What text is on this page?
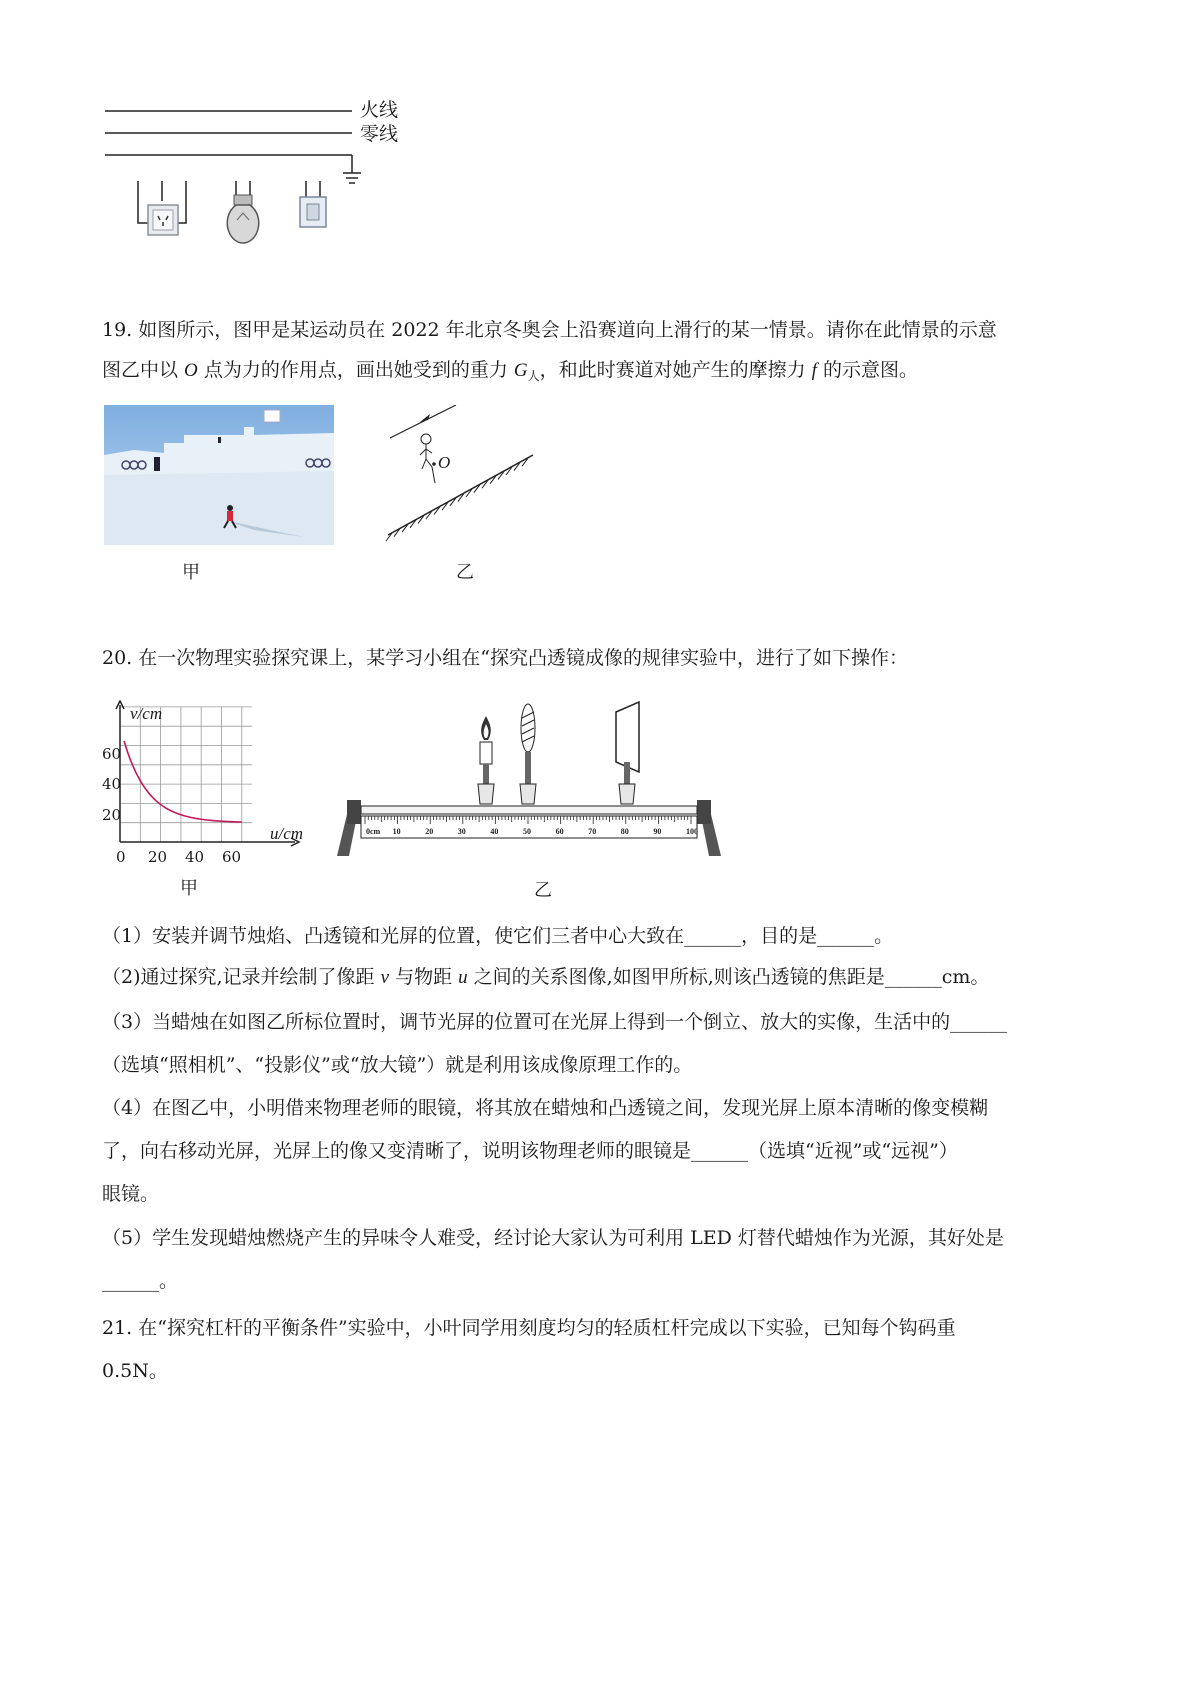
火线
零线
19. 如图所示，图甲是某运动员在 2022 年北京冬奥会上沿赛道向上滑行的某一情景。请你在此情景的示意
图乙中以 O 点为力的作用点，画出她受到的重力 $G_人$，和此时赛道对她产生的摩擦力 f 的示意图。
甲
O
乙
20. 在一次物理实验探究课上，某学习小组在“探究凸透镜成像的规律实验中，进行了如下操作：
v/cm
u/cm
60
40
20
0 20 40 60
甲
0cm 10	20	30	40	50	60	70	80	90	100
乙
（1）安装并调节烛焰、凸透镜和光屏的位置，使它们三者中心大致在______，目的是______。
（2)通过探究,记录并绘制了像距 v 与物距 u 之间的关系图像,如图甲所标,则该凸透镜的焦距是______cm。
（3）当蜡烛在如图乙所标位置时，调节光屏的位置可在光屏上得到一个倒立、放大的实像，生活中的______
（选填“照相机”、“投影仪”或“放大镜”）就是利用该成像原理工作的。
（4）在图乙中，小明借来物理老师的眼镜，将其放在蜡烛和凸透镜之间，发现光屏上原本清晰的像变模糊
了，向右移动光屏，光屏上的像又变清晰了，说明该物理老师的眼镜是______（选填“近视”或“远视”）
眼镜。
（5）学生发现蜡烛燃烧产生的异味令人难受，经讨论大家认为可利用 LED 灯替代蜡烛作为光源，其好处是
______。
21. 在“探究杠杆的平衡条件”实验中，小叶同学用刻度均匀的轻质杠杆完成以下实验，已知每个钩码重
0.5N。
